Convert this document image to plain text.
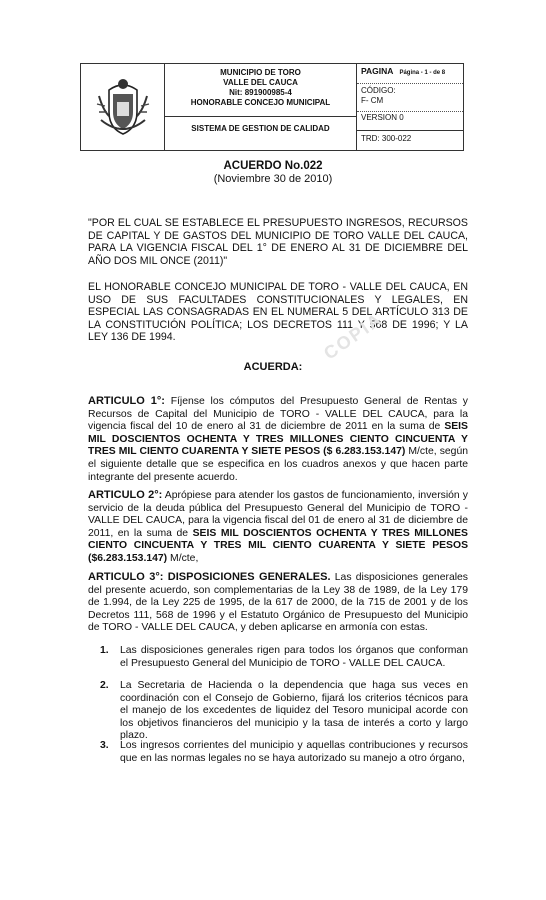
MUNICIPIO DE TORO
VALLE DEL CAUCA
Nit: 891900985-4
HONORABLE CONCEJO MUNICIPAL
SISTEMA DE GESTION DE CALIDAD
PAGINA Página - 1 - de 8
CÓDIGO:
F- CM
VERSION 0
TRD: 300-022
ACUERDO No.022
(Noviembre 30 de 2010)
"POR EL CUAL SE ESTABLECE EL PRESUPUESTO INGRESOS, RECURSOS DE CAPITAL Y DE GASTOS DEL MUNICIPIO DE TORO VALLE DEL CAUCA, PARA LA VIGENCIA FISCAL DEL 1° DE ENERO AL 31 DE DICIEMBRE DEL AÑO DOS MIL ONCE (2011)"
EL HONORABLE CONCEJO MUNICIPAL DE TORO - VALLE DEL CAUCA, EN USO DE SUS FACULTADES CONSTITUCIONALES Y LEGALES, EN ESPECIAL LAS CONSAGRADAS EN EL NUMERAL 5 DEL ARTÍCULO 313 DE LA CONSTITUCIÓN POLÍTICA; LOS DECRETOS 111 Y 568 DE 1996; Y LA LEY 136 DE 1994.
ACUERDA:
COPIA
ARTICULO 1°: Fíjense los cómputos del Presupuesto General de Rentas y Recursos de Capital del Municipio de TORO - VALLE DEL CAUCA, para la vigencia fiscal del 10 de enero al 31 de diciembre de 2011 en la suma de SEIS MIL DOSCIENTOS OCHENTA Y TRES MILLONES CIENTO CINCUENTA Y TRES MIL CIENTO CUARENTA Y SIETE PESOS ($ 6.283.153.147) M/cte, según el siguiente detalle que se especifica en los cuadros anexos y que hacen parte integrante del presente acuerdo.
ARTICULO 2°: Aprópiese para atender los gastos de funcionamiento, inversión y servicio de la deuda pública del Presupuesto General del Municipio de TORO - VALLE DEL CAUCA, para la vigencia fiscal del 01 de enero al 31 de diciembre de 2011, en la suma de SEIS MIL DOSCIENTOS OCHENTA Y TRES MILLONES CIENTO CINCUENTA Y TRES MIL CIENTO CUARENTA Y SIETE PESOS ($6.283.153.147) M/cte,
ARTICULO 3°: DISPOSICIONES GENERALES. Las disposiciones generales del presente acuerdo, son complementarias de la Ley 38 de 1989, de la Ley 179 de 1.994, de la Ley 225 de 1995, de la 617 de 2000, de la 715 de 2001 y de los Decretos 111, 568 de 1996 y el Estatuto Orgánico de Presupuesto del Municipio de TORO - VALLE DEL CAUCA, y deben aplicarse en armonía con estas.
1. Las disposiciones generales rigen para todos los órganos que conforman el Presupuesto General del Municipio de TORO - VALLE DEL CAUCA.
2. La Secretaria de Hacienda o la dependencia que haga sus veces en coordinación con el Consejo de Gobierno, fijará los criterios técnicos para el manejo de los excedentes de liquidez del Tesoro municipal acorde con los objetivos financieros del municipio y la tasa de interés a corto y largo plazo.
3. Los ingresos corrientes del municipio y aquellas contribuciones y recursos que en las normas legales no se haya autorizado su manejo a otro órgano,
